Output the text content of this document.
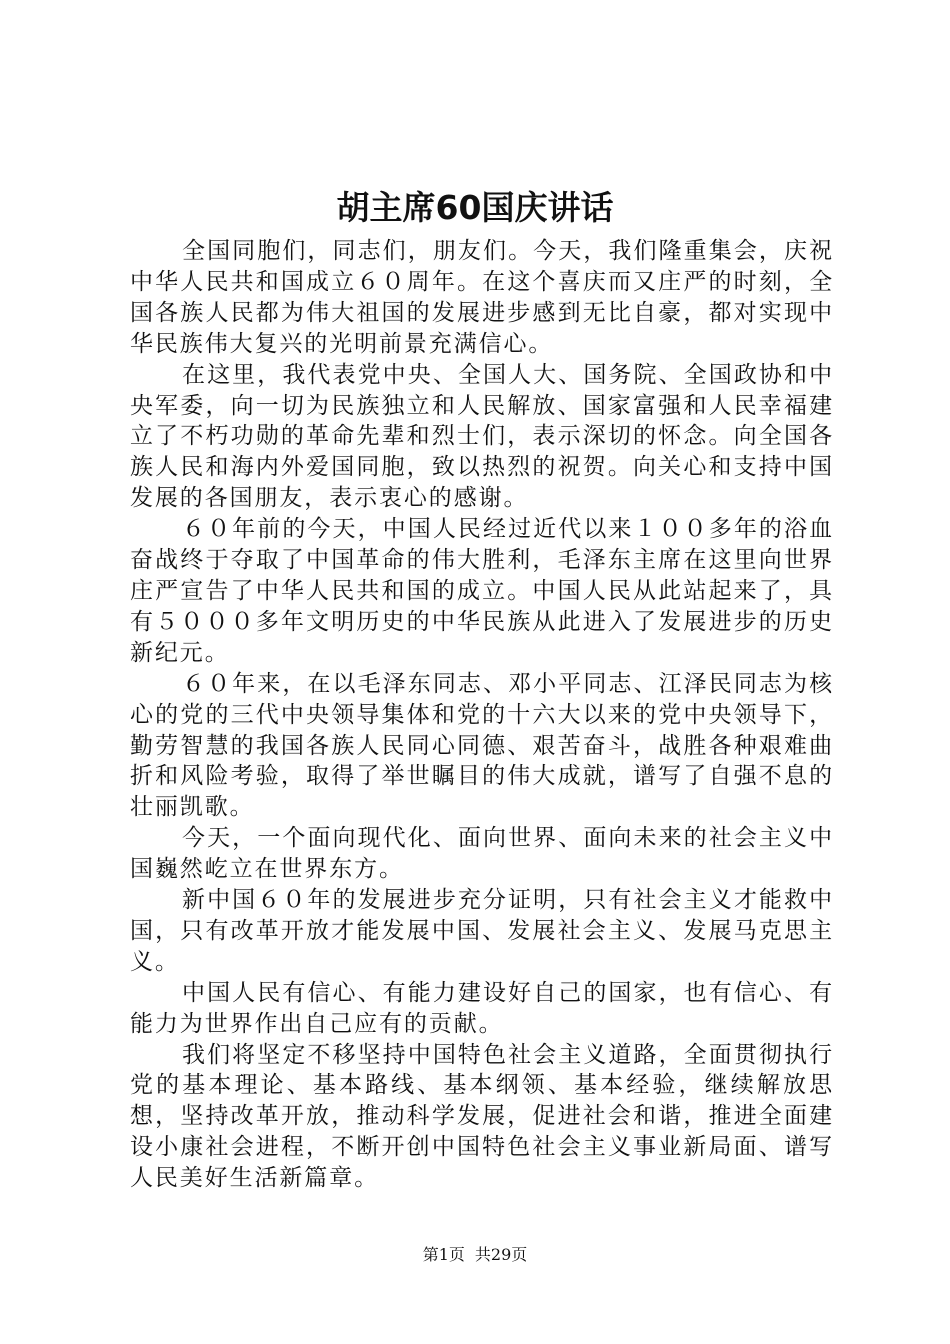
胡主席60国庆讲话

全国同胞们，同志们，朋友们。今天，我们隆重集会，庆祝中华人民共和国成立６０周年。在这个喜庆而又庄严的时刻，全国各族人民都为伟大祖国的发展进步感到无比自豪，都对实现中华民族伟大复兴的光明前景充满信心。

在这里，我代表党中央、全国人大、国务院、全国政协和中央军委，向一切为民族独立和人民解放、国家富强和人民幸福建立了不朽功勋的革命先辈和烈士们，表示深切的怀念。向全国各族人民和海内外爱国同胞，致以热烈的祝贺。向关心和支持中国发展的各国朋友，表示衷心的感谢。

６０年前的今天，中国人民经过近代以来１００多年的浴血奋战终于夺取了中国革命的伟大胜利，毛泽东主席在这里向世界庄严宣告了中华人民共和国的成立。中国人民从此站起来了，具有５０００多年文明历史的中华民族从此进入了发展进步的历史新纪元。

６０年来，在以毛泽东同志、邓小平同志、江泽民同志为核心的党的三代中央领导集体和党的十六大以来的党中央领导下，勤劳智慧的我国各族人民同心同德、艰苦奋斗，战胜各种艰难曲折和风险考验，取得了举世瞩目的伟大成就，谱写了自强不息的壮丽凯歌。

今天，一个面向现代化、面向世界、面向未来的社会主义中国巍然屹立在世界东方。

新中国６０年的发展进步充分证明，只有社会主义才能救中国，只有改革开放才能发展中国、发展社会主义、发展马克思主义。

中国人民有信心、有能力建设好自己的国家，也有信心、有能力为世界作出自己应有的贡献。

我们将坚定不移坚持中国特色社会主义道路，全面贯彻执行党的基本理论、基本路线、基本纲领、基本经验，继续解放思想，坚持改革开放，推动科学发展，促进社会和谐，推进全面建设小康社会进程，不断开创中国特色社会主义事业新局面、谱写人民美好生活新篇章。

第1页 共29页
